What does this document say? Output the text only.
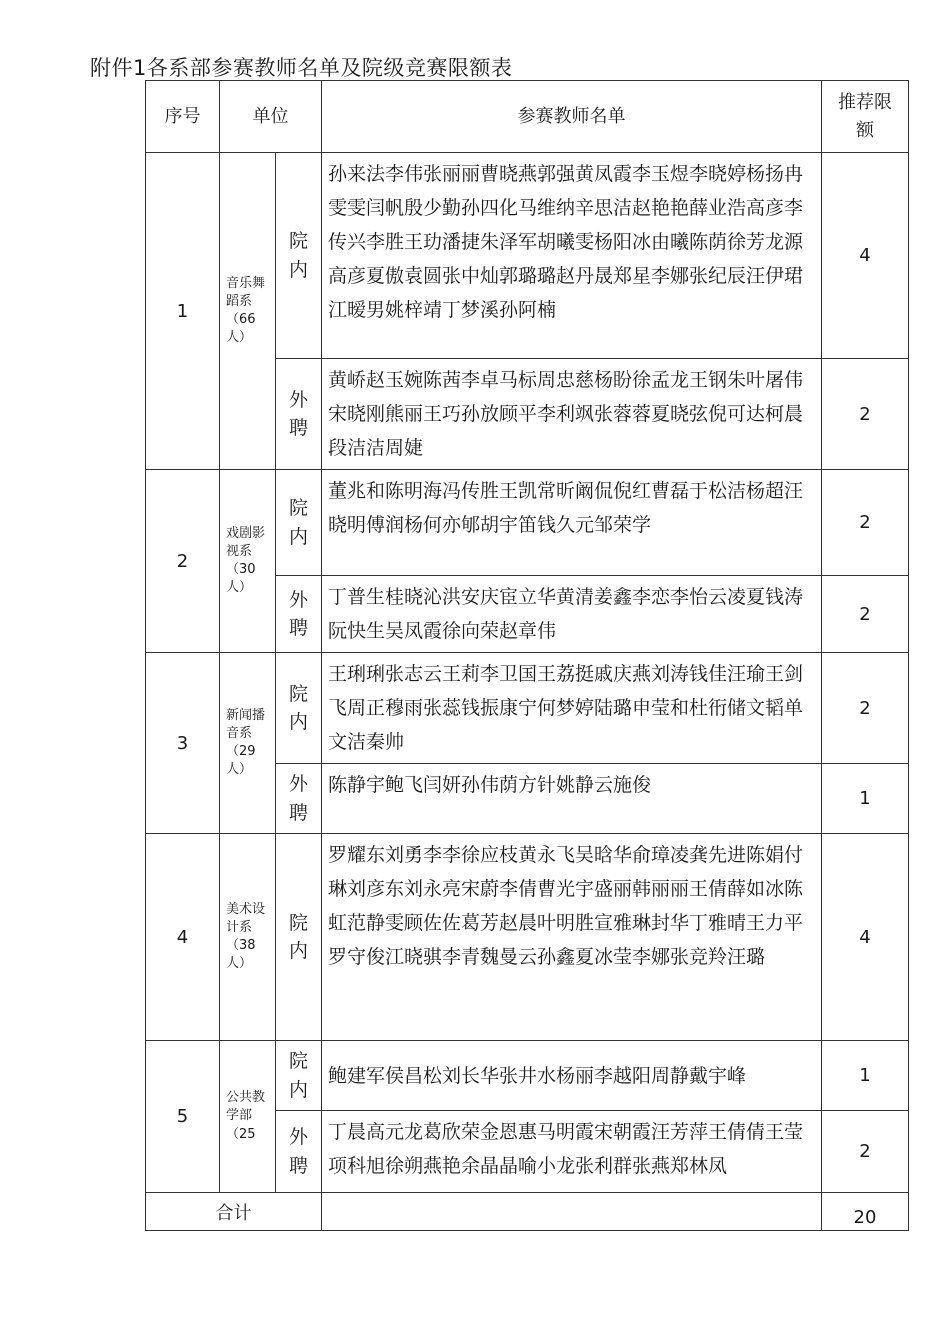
附件1各系部参赛教师名单及院级竞赛限额表
序号	单位		参赛教师名单	推荐限额
1	音乐舞蹈系（66人）	院内	孙来法李伟张丽丽曹晓燕郭强黄凤霞李玉煜李晓婷杨扬冉雯雯闫帆殷少勤孙四化马维纳辛思洁赵艳艳薛业浩高彦李传兴李胜王玏潘捷朱泽军胡曦雯杨阳冰由曦陈荫徐芳龙源高彦夏傲袁圆张中灿郭璐璐赵丹晟郑星李娜张纪辰汪伊珺江暧男姚梓靖丁梦溪孙阿楠	4
		外聘	黄峤赵玉婉陈茜李卓马标周忠慈杨盼徐孟龙王钢朱叶屠伟宋晓刚熊丽王巧孙放顾平李利飒张蓉蓉夏晓弦倪可达柯晨段洁洁周婕	2
2	戏剧影视系（30人）	院内	董兆和陈明海冯传胜王凯常昕阚侃倪红曹磊于松洁杨超汪晓明傅润杨何亦郇胡宇笛钱久元邹荣学	2
		外聘	丁普生桂晓沁洪安庆宦立华黄清姜鑫李恋李怡云凌夏钱涛阮快生吴凤霞徐向荣赵章伟	2
3	新闻播音系（29人）	院内	王琍琍张志云王莉李卫国王荔挺戚庆燕刘涛钱佳汪瑜王剑飞周正穆雨张蕊钱振康宁何梦婷陆璐申莹和杜衎储文韬单文洁秦帅	2
		外聘	陈静宇鲍飞闫妍孙伟荫方针姚静云施俊	1
4	美术设计系（38人）	院内	罗耀东刘勇李李徐应枝黄永飞吴晗华俞璋凌龚先进陈娟付琳刘彦东刘永亮宋蔚李倩曹光宇盛丽韩丽丽王倩薛如冰陈虹范静雯顾佐佐葛芳赵晨叶明胜宣雅琳封华丁雅晴王力平罗守俊江晓骐李青魏曼云孙鑫夏冰莹李娜张竞羚汪璐	4
5	公共教学部（25	院内	鲍建军侯昌松刘长华张井水杨丽李越阳周静戴宇峰	1
		外聘	丁晨高元龙葛欣荣金恩惠马明霞宋朝霞汪芳萍王倩倩王莹项科旭徐朔燕艳余晶晶喻小龙张利群张燕郑林凤	2
合计				20
